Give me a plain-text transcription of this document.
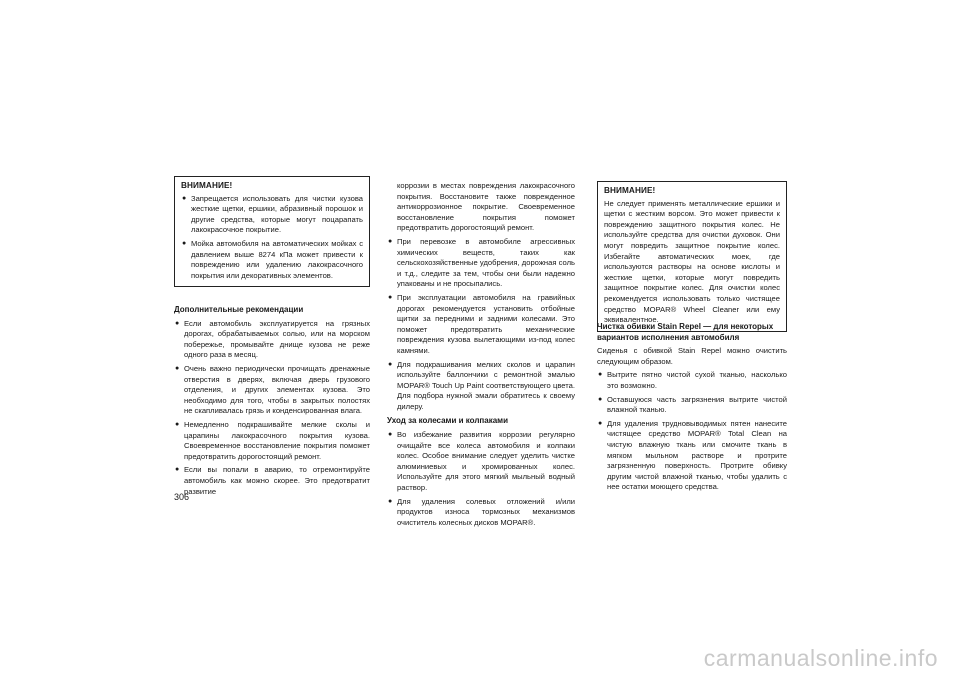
ВНИМАНИЕ!
● Запрещается использовать для чистки кузова жесткие щетки, ершики, абразивный порошок и другие средства, которые могут поцарапать лакокрасочное покрытие.
● Мойка автомобиля на автоматических мойках с давлением выше 8274 кПа может привести к повреждению или удалению лакокрасочного покрытия или декоративных элементов.
Дополнительные рекомендации
● Если автомобиль эксплуатируется на грязных дорогах, обрабатываемых солью, или на морском побережье, промывайте днище кузова не реже одного раза в месяц.
● Очень важно периодически прочищать дренажные отверстия в дверях, включая дверь грузового отделения, и других элементах кузова. Это необходимо для того, чтобы в закрытых полостях не скапливалась грязь и конденсированная влага.
● Немедленно подкрашивайте мелкие сколы и царапины лакокрасочного покрытия кузова. Своевременное восстановление покрытия поможет предотвратить дорогостоящий ремонт.
● Если вы попали в аварию, то отремонтируйте автомобиль как можно скорее. Это предотвратит развитие

коррозии в местах повреждения лакокрасочного покрытия. Восстановите также поврежденное антикоррозионное покрытие. Своевременное восстановление покрытия поможет предотвратить дорогостоящий ремонт.

● При перевозке в автомобиле агрессивных химических веществ, таких как сельскохозяйственные удобрения, дорожная соль и т.д., следите за тем, чтобы они были надежно упакованы и не просыпались.
● При эксплуатации автомобиля на гравийных дорогах рекомендуется установить отбойные щитки за передними и задними колесами. Это поможет предотвратить механические повреждения кузова вылетающими из-под колес камнями.
● Для подкрашивания мелких сколов и царапин используйте баллончики с ремонтной эмалью MOPAR® Touch Up Paint соответствующего цвета. Для подбора нужной эмали обратитесь к своему дилеру.
Уход за колесами и колпаками
● Во избежание развития коррозии регулярно очищайте все колеса автомобиля и колпаки колес. Особое внимание следует уделить чистке алюминиевых и хромированных колес. Используйте для этого мягкий мыльный водный раствор.
● Для удаления солевых отложений и/или продуктов износа тормозных механизмов очиститель колесных дисков MOPAR®.
ВНИМАНИЕ!

Не следует применять металлические ершики и щетки с жестким ворсом. Это может привести к повреждению защитного покрытия колес. Не используйте средства для очистки духовок. Они могут повредить защитное покрытие колес. Избегайте автоматических моек, где используются растворы на основе кислоты и жесткие щетки, которые могут повредить защитное покрытие колес. Для очистки колес рекомендуется использовать только чистящее средство MOPAR® Wheel Cleaner или ему эквивалентное.

Чистка обивки Stain Repel — для некоторых вариантов исполнения автомобиля

Сиденья с обивкой Stain Repel можно очистить следующим образом.

● Вытрите пятно чистой сухой тканью, насколько это возможно.
● Оставшуюся часть загрязнения вытрите чистой влажной тканью.
● Для удаления трудновыводимых пятен нанесите чистящее средство MOPAR® Total Clean на чистую влажную ткань или смочите ткань в мягком мыльном растворе и протрите загрязненную поверхность. Протрите обивку другим чистой влажной тканью, чтобы удалить с нее остатки моющего средства.
306
carmanualsonline.info
